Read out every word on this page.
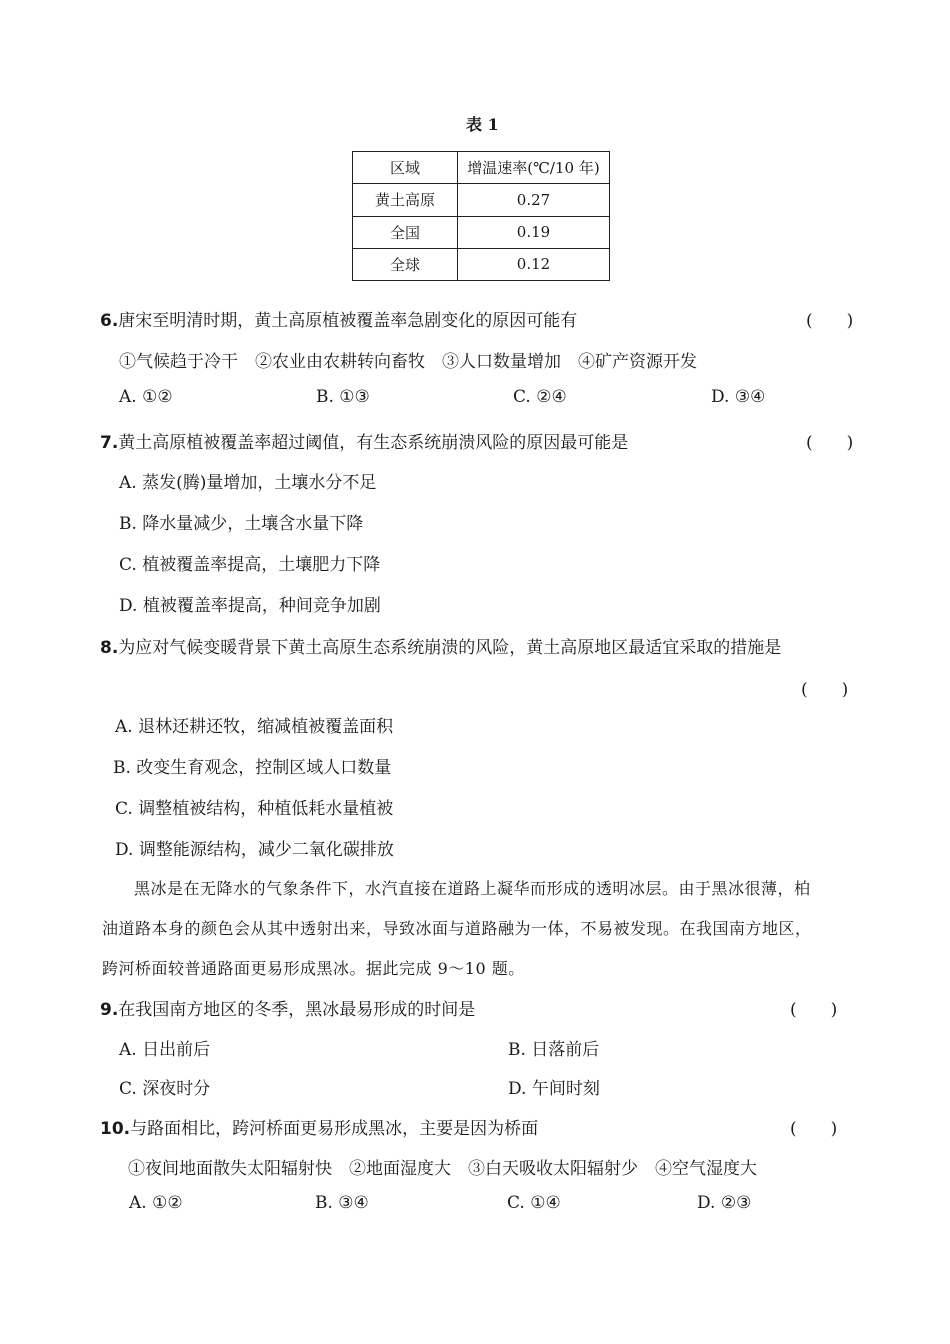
表 1
区域	增温速率(℃/10 年)
黄土高原	0.27
全国	0.19
全球	0.12
6.唐宋至明清时期，黄土高原植被覆盖率急剧变化的原因可能有	(　　)
①气候趋于冷干　②农业由农耕转向畜牧　③人口数量增加　④矿产资源开发
A. ①②	B. ①③	C. ②④	D. ③④
7.黄土高原植被覆盖率超过阈值，有生态系统崩溃风险的原因最可能是	(　　)
A. 蒸发(腾)量增加，土壤水分不足
B. 降水量减少，土壤含水量下降
C. 植被覆盖率提高，土壤肥力下降
D. 植被覆盖率提高，种间竞争加剧
8.为应对气候变暖背景下黄土高原生态系统崩溃的风险，黄土高原地区最适宜采取的措施是
(　　)
A. 退林还耕还牧，缩减植被覆盖面积
B. 改变生育观念，控制区域人口数量
C. 调整植被结构，种植低耗水量植被
D. 调整能源结构，减少二氧化碳排放
黑冰是在无降水的气象条件下，水汽直接在道路上凝华而形成的透明冰层。由于黑冰很薄，柏
油道路本身的颜色会从其中透射出来，导致冰面与道路融为一体，不易被发现。在我国南方地区，
跨河桥面较普通路面更易形成黑冰。据此完成 9～10 题。
9.在我国南方地区的冬季，黑冰最易形成的时间是	(　　)
A. 日出前后	B. 日落前后
C. 深夜时分	D. 午间时刻
10.与路面相比，跨河桥面更易形成黑冰，主要是因为桥面	(　　)
①夜间地面散失太阳辐射快　②地面湿度大　③白天吸收太阳辐射少　④空气湿度大
A. ①②	B. ③④	C. ①④	D. ②③
